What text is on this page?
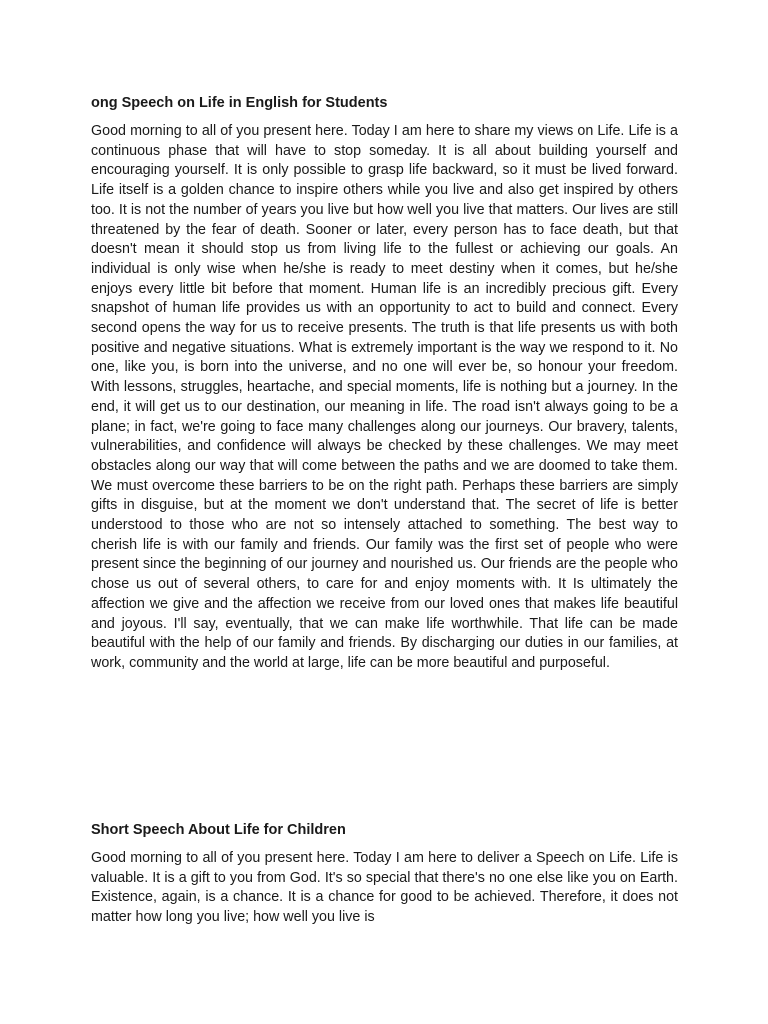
ong Speech on Life in English for Students

Good morning to all of you present here. Today I am here to share my views on Life. Life is a continuous phase that will have to stop someday. It is all about building yourself and encouraging yourself. It is only possible to grasp life backward, so it must be lived forward. Life itself is a golden chance to inspire others while you live and also get inspired by others too. It is not the number of years you live but how well you live that matters. Our lives are still threatened by the fear of death. Sooner or later, every person has to face death, but that doesn't mean it should stop us from living life to the fullest or achieving our goals. An individual is only wise when he/she is ready to meet destiny when it comes, but he/she enjoys every little bit before that moment. Human life is an incredibly precious gift. Every snapshot of human life provides us with an opportunity to act to build and connect. Every second opens the way for us to receive presents. The truth is that life presents us with both positive and negative situations. What is extremely important is the way we respond to it. No one, like you, is born into the universe, and no one will ever be, so honour your freedom. With lessons, struggles, heartache, and special moments, life is nothing but a journey. In the end, it will get us to our destination, our meaning in life. The road isn't always going to be a plane; in fact, we're going to face many challenges along our journeys. Our bravery, talents, vulnerabilities, and confidence will always be checked by these challenges. We may meet obstacles along our way that will come between the paths and we are doomed to take them. We must overcome these barriers to be on the right path. Perhaps these barriers are simply gifts in disguise, but at the moment we don't understand that. The secret of life is better understood to those who are not so intensely attached to something. The best way to cherish life is with our family and friends. Our family was the first set of people who were present since the beginning of our journey and nourished us. Our friends are the people who chose us out of several others, to care for and enjoy moments with. It Is ultimately the affection we give and the affection we receive from our loved ones that makes life beautiful and joyous. I'll say, eventually, that we can make life worthwhile. That life can be made beautiful with the help of our family and friends. By discharging our duties in our families, at work, community and the world at large, life can be more beautiful and purposeful.

Short Speech About Life for Children

Good morning to all of you present here. Today I am here to deliver a Speech on Life. Life is valuable. It is a gift to you from God. It's so special that there's no one else like you on Earth. Existence, again, is a chance. It is a chance for good to be achieved. Therefore, it does not matter how long you live; how well you live is
